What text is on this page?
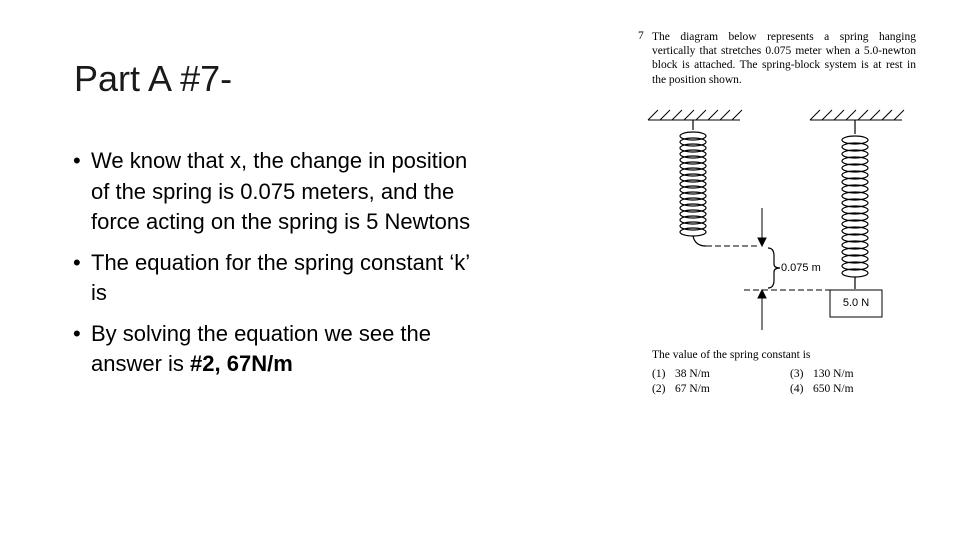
Part A #7-
• We know that x, the change in position of the spring is 0.075 meters, and the force acting on the spring is 5 Newtons
• The equation for the spring constant ‘k’ is
• By solving the equation we see the answer is #2, 67N/m
7 The diagram below represents a spring hanging vertically that stretches 0.075 meter when a 5.0-newton block is attached. The spring-block system is at rest in the position shown.
0.075 m
5.0 N
The value of the spring constant is
(1) 38 N/m
(2) 67 N/m
(3) 130 N/m
(4) 650 N/m
